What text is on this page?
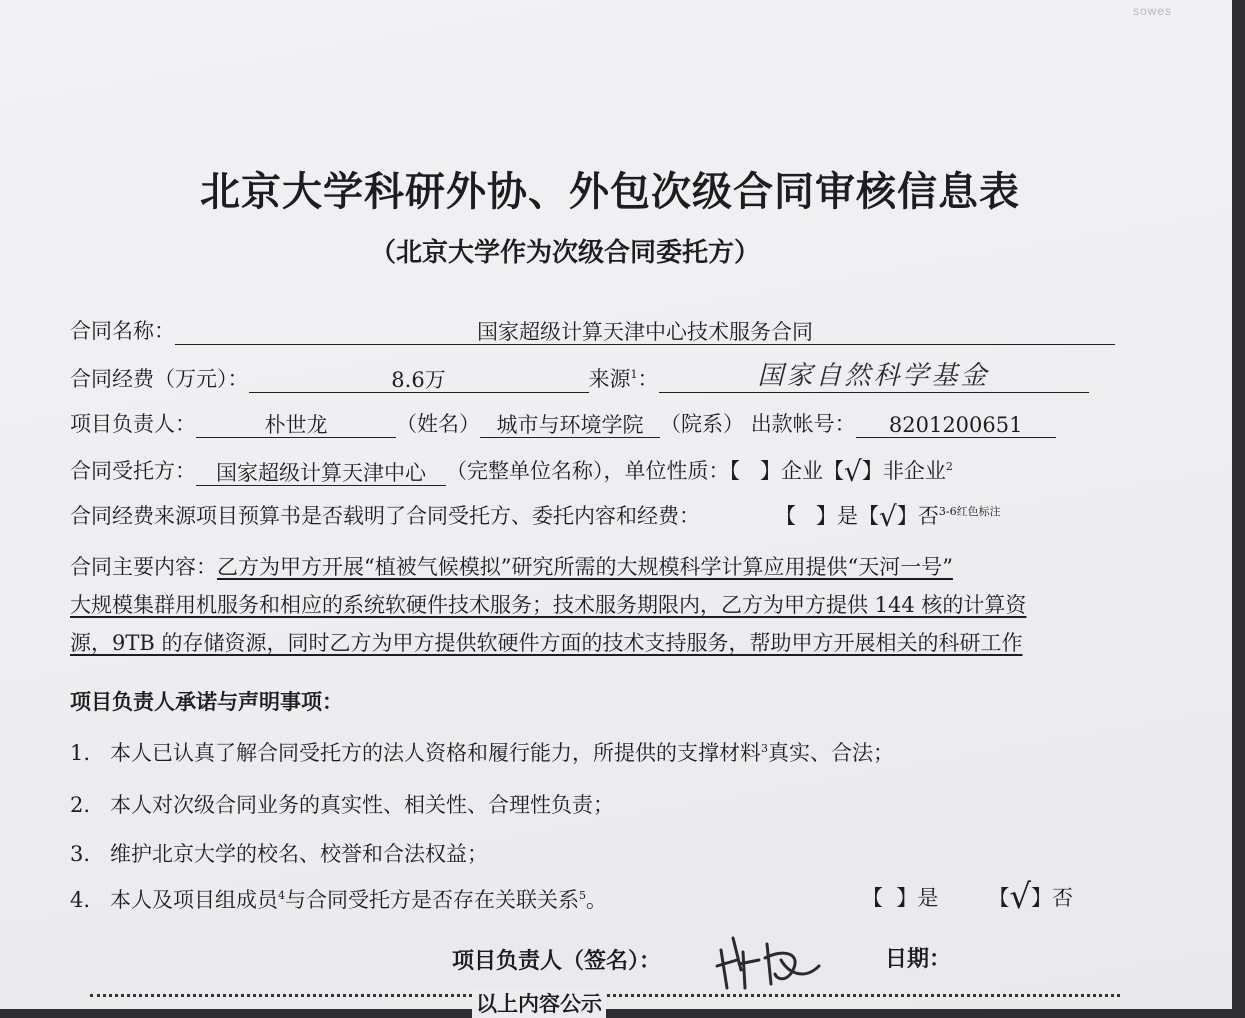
sowes
北京大学科研外协、外包次级合同审核信息表
（北京大学作为次级合同委托方）
合同名称：	国家超级计算天津中心技术服务合同
合同经费（万元）：	8.6万	来源$^1$：	国家自然科学基金
项目负责人：	朴世龙	（姓名） 城市与环境学院 （院系） 出款帐号： 8201200651
合同受托方： 国家超级计算天津中心 （完整单位名称），单位性质：【 】企业【√】非企业$^2$
合同经费来源项目预算书是否载明了合同受托方、委托内容和经费：	【 】是【√】否$^{3-6红色标注}$
合同主要内容：乙方为甲方开展“植被气候模拟”研究所需的大规模科学计算应用提供“天河一号”
大规模集群用机服务和相应的系统软硬件技术服务；技术服务期限内，乙方为甲方提供 144 核的计算资
源，9TB 的存储资源，同时乙方为甲方提供软硬件方面的技术支持服务，帮助甲方开展相关的科研工作
项目负责人承诺与声明事项：
1. 本人已认真了解合同受托方的法人资格和履行能力，所提供的支撑材料$^3$真实、合法；
2. 本人对次级合同业务的真实性、相关性、合理性负责；
3. 维护北京大学的校名、校誉和合法权益；
4. 本人及项目组成员$^4$与合同受托方是否存在关联关系$^5$。	【 】是 【√】否
项目负责人（签名）：	日期：
以上内容公示
